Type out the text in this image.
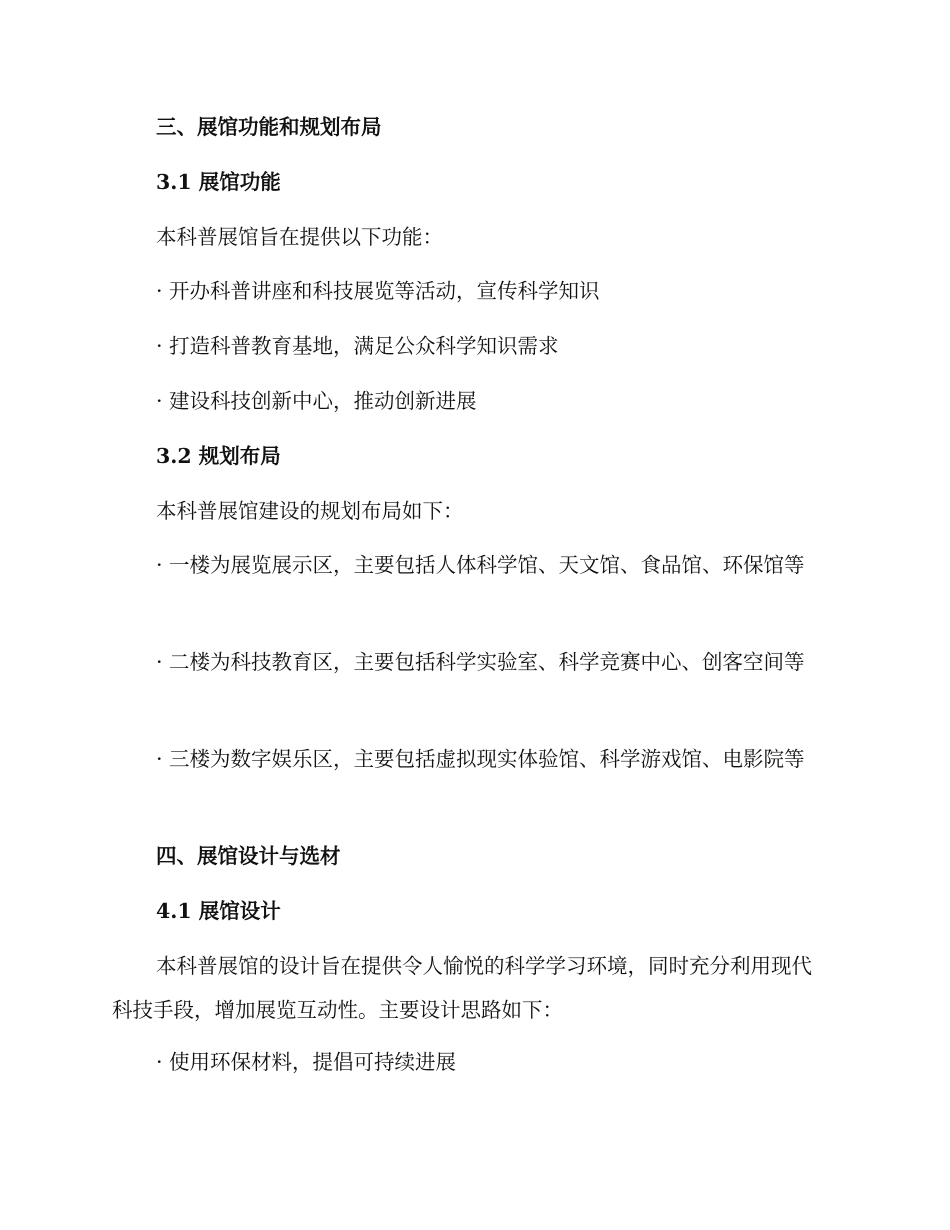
三、展馆功能和规划布局
3.1 展馆功能
本科普展馆旨在提供以下功能：
· 开办科普讲座和科技展览等活动，宣传科学知识
· 打造科普教育基地，满足公众科学知识需求
· 建设科技创新中心，推动创新进展
3.2 规划布局
本科普展馆建设的规划布局如下：
· 一楼为展览展示区，主要包括人体科学馆、天文馆、食品馆、环保馆等
· 二楼为科技教育区，主要包括科学实验室、科学竞赛中心、创客空间等
· 三楼为数字娱乐区，主要包括虚拟现实体验馆、科学游戏馆、电影院等
四、展馆设计与选材
4.1 展馆设计
本科普展馆的设计旨在提供令人愉悦的科学学习环境，同时充分利用现代科技手段，增加展览互动性。主要设计思路如下：
· 使用环保材料，提倡可持续进展
